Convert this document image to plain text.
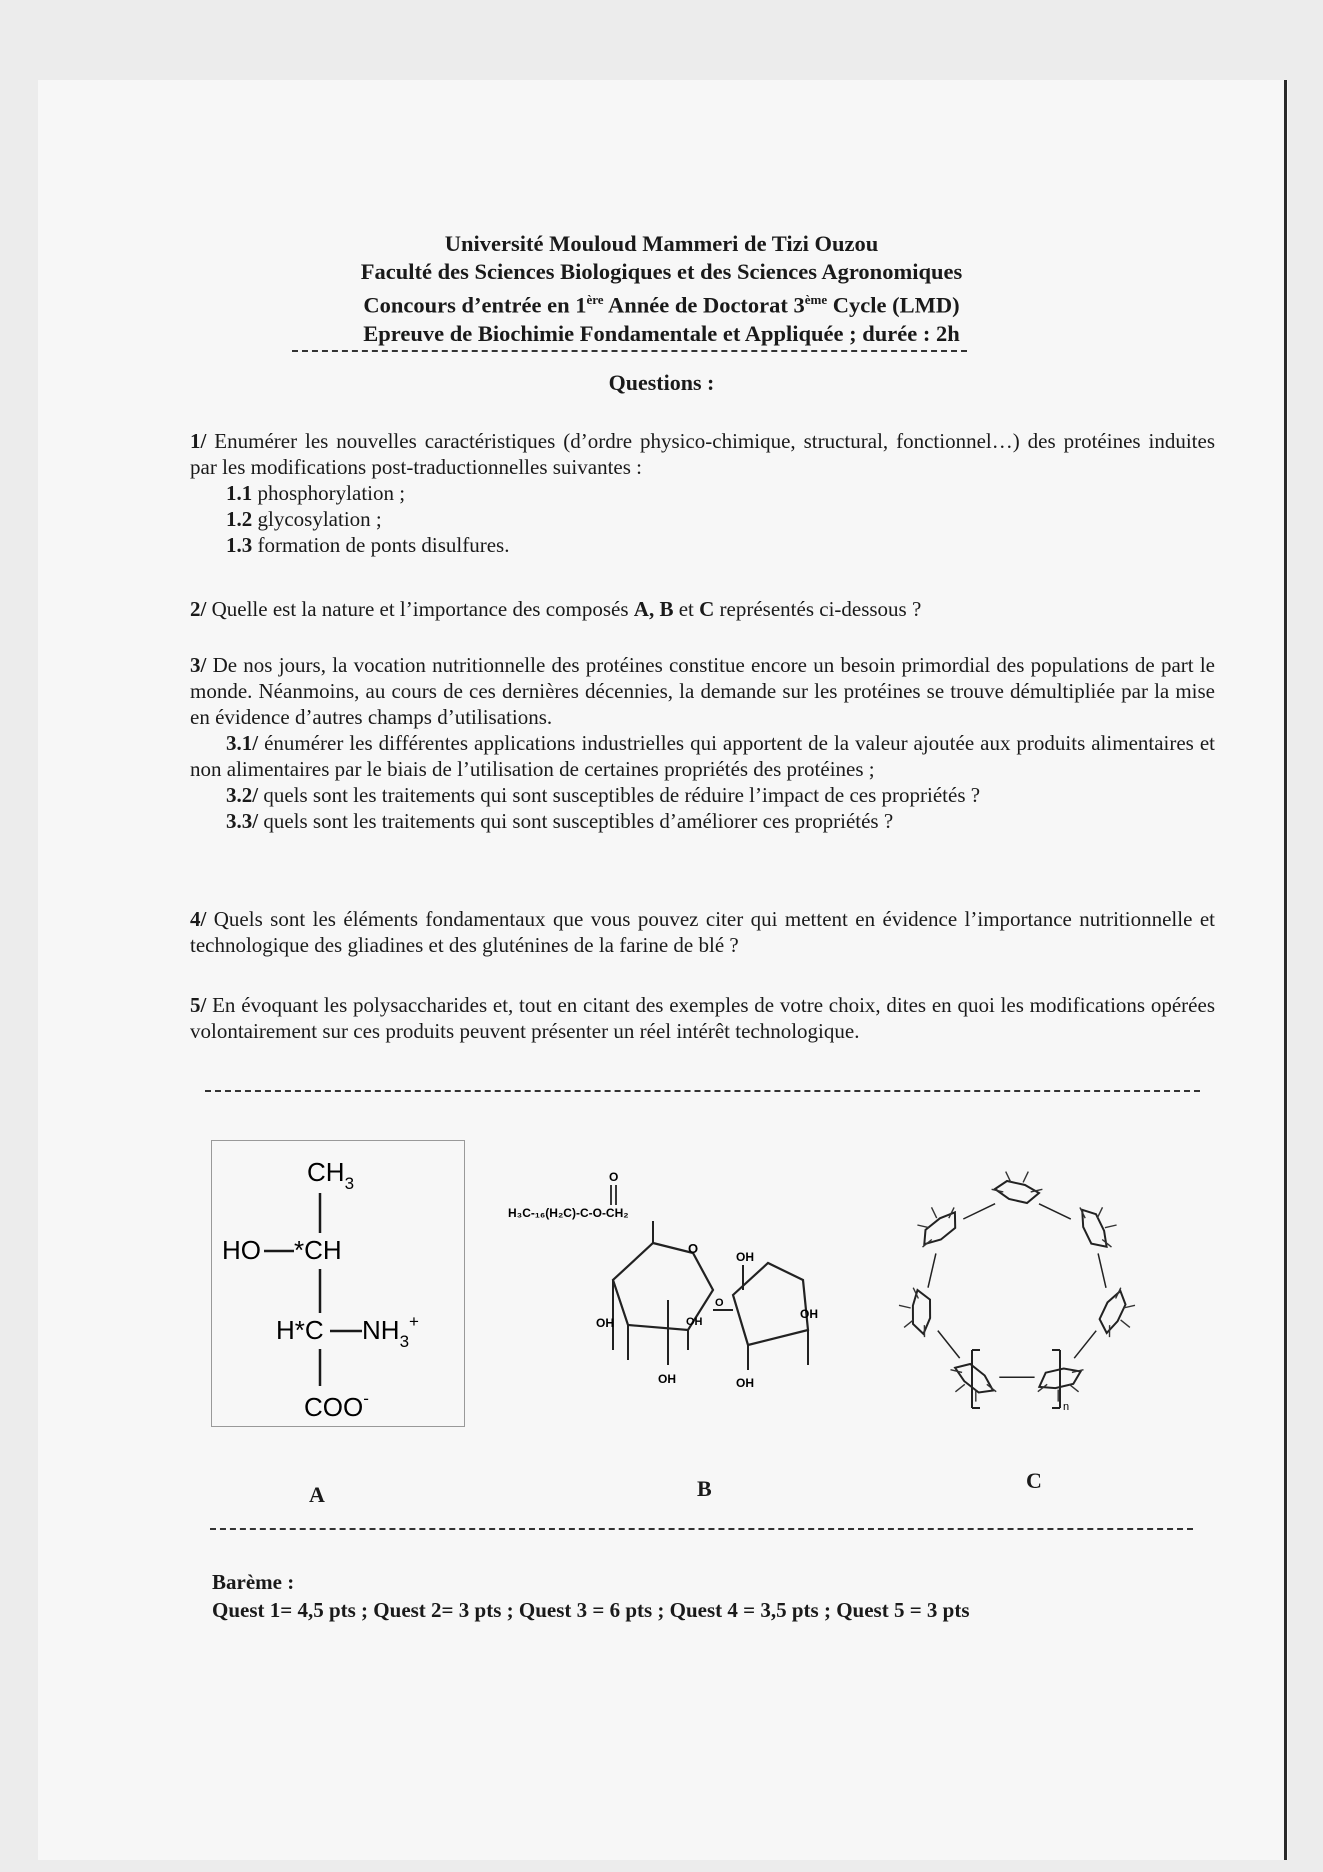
Université Mouloud Mammeri de Tizi Ouzou
Faculté des Sciences Biologiques et des Sciences Agronomiques
Concours d’entrée en 1ère Année de Doctorat 3ème Cycle (LMD)
Epreuve de Biochimie Fondamentale et Appliquée ; durée : 2h
Questions :

1/ Enumérer les nouvelles caractéristiques (d’ordre physico-chimique, structural, fonctionnel…) des protéines induites par les modifications post-traductionnelles suivantes :

1.1 phosphorylation ;

1.2 glycosylation ;

1.3 formation de ponts disulfures.

2/ Quelle est la nature et l’importance des composés A, B et C représentés ci-dessous ?

3/ De nos jours, la vocation nutritionnelle des protéines constitue encore un besoin primordial des populations de part le monde. Néanmoins, au cours de ces dernières décennies, la demande sur les protéines se trouve démultipliée par la mise en évidence d’autres champs d’utilisations.

3.1/ énumérer les différentes applications industrielles qui apportent de la valeur ajoutée aux produits alimentaires et non alimentaires par le biais de l’utilisation de certaines propriétés des protéines ;

3.2/ quels sont les traitements qui sont susceptibles de réduire l’impact de ces propriétés ?

3.3/ quels sont les traitements qui sont susceptibles d’améliorer ces propriétés ?

4/ Quels sont les éléments fondamentaux que vous pouvez citer qui mettent en évidence l’importance nutritionnelle et technologique des gliadines et des gluténines de la farine de blé ?

5/ En évoquant les polysaccharides et, tout en citant des exemples de votre choix, dites en quoi les modifications opérées volontairement sur ces produits peuvent présenter un réel intérêt technologique.

$CH_3$
HO *CH
H*C $NH_3^+$
COO-
H₃C-₁₆(H₂C)-C-O-CH₂
O
O
OH
OH
O
OH
OH
OH
OH
n
A	B	C
Barème :
Quest 1= 4,5 pts ; Quest 2= 3 pts ; Quest 3 = 6 pts ; Quest 4 = 3,5 pts ; Quest 5 = 3 pts
